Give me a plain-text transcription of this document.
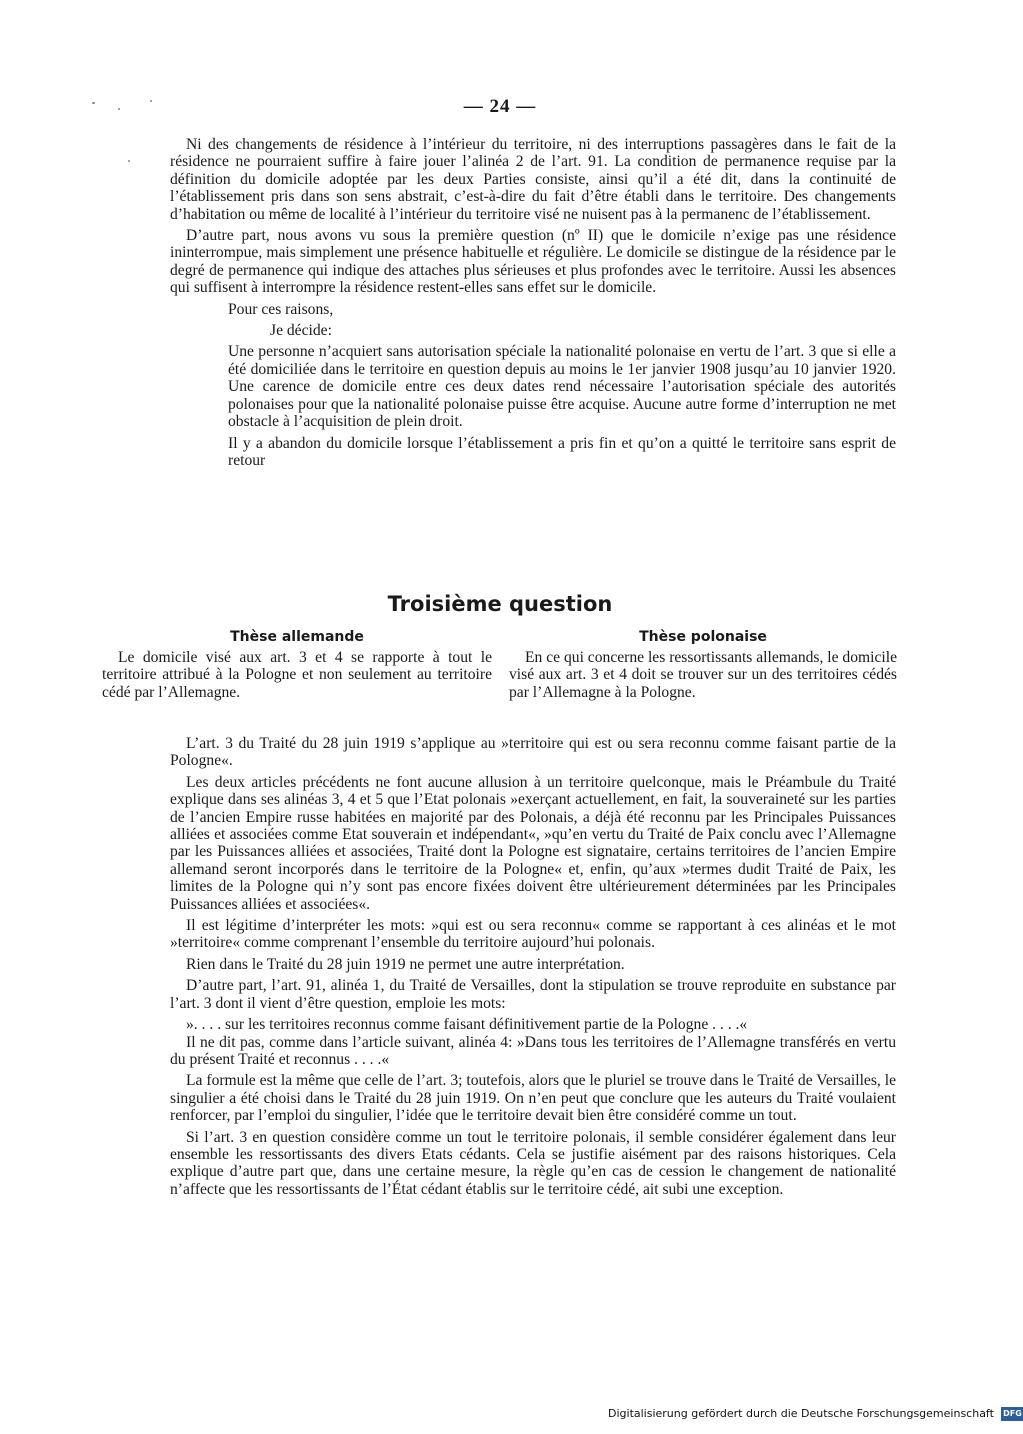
— 24 —

Ni des changements de résidence à l’intérieur du territoire, ni des interruptions passagères dans le fait de la résidence ne pourraient suffire à faire jouer l’alinéa 2 de l’art. 91. La condition de permanence requise par la définition du domicile adoptée par les deux Parties consiste, ainsi qu’il a été dit, dans la continuité de l’établissement pris dans son sens abstrait, c’est-à-dire du fait d’être établi dans le territoire. Des changements d’habitation ou même de localité à l’intérieur du territoire visé ne nuisent pas à la permanenc de l’établissement.

D’autre part, nous avons vu sous la première question (nº II) que le domicile n’exige pas une résidence ininterrompue, mais simplement une présence habituelle et régulière. Le domicile se distingue de la résidence par le degré de permanence qui indique des attaches plus sérieuses et plus profondes avec le territoire. Aussi les absences qui suffisent à interrompre la résidence restent-elles sans effet sur le domicile.

Pour ces raisons,

Je décide:

Une personne n’acquiert sans autorisation spéciale la nationalité polonaise en vertu de l’art. 3 que si elle a été domiciliée dans le territoire en question depuis au moins le 1er janvier 1908 jusqu’au 10 janvier 1920. Une carence de domicile entre ces deux dates rend nécessaire l’autorisation spéciale des autorités polonaises pour que la nationalité polonaise puisse être acquise. Aucune autre forme d’interruption ne met obstacle à l’acquisition de plein droit.

Il y a abandon du domicile lorsque l’établissement a pris fin et qu’on a quitté le territoire sans esprit de retour

Troisième question
Thèse allemande

Le domicile visé aux art. 3 et 4 se rapporte à tout le territoire attribué à la Pologne et non seulement au territoire cédé par l’Allemagne.

Thèse polonaise

En ce qui concerne les ressortissants allemands, le domicile visé aux art. 3 et 4 doit se trouver sur un des territoires cédés par l’Allemagne à la Pologne.

L’art. 3 du Traité du 28 juin 1919 s’applique au »territoire qui est ou sera reconnu comme faisant partie de la Pologne«.

Les deux articles précédents ne font aucune allusion à un territoire quelconque, mais le Préambule du Traité explique dans ses alinéas 3, 4 et 5 que l’Etat polonais »exerçant actuellement, en fait, la souveraineté sur les parties de l’ancien Empire russe habitées en majorité par des Polonais, a déjà été reconnu par les Principales Puissances alliées et associées comme Etat souverain et indépendant«, »qu’en vertu du Traité de Paix conclu avec l’Allemagne par les Puissances alliées et associées, Traité dont la Pologne est signataire, certains territoires de l’ancien Empire allemand seront incorporés dans le territoire de la Pologne« et, enfin, qu’aux »termes dudit Traité de Paix, les limites de la Pologne qui n’y sont pas encore fixées doivent être ultérieurement déterminées par les Principales Puissances alliées et associées«.

Il est légitime d’interpréter les mots: »qui est ou sera reconnu« comme se rapportant à ces alinéas et le mot »territoire« comme comprenant l’ensemble du territoire aujourd’hui polonais.

Rien dans le Traité du 28 juin 1919 ne permet une autre interprétation.

D’autre part, l’art. 91, alinéa 1, du Traité de Versailles, dont la stipulation se trouve reproduite en substance par l’art. 3 dont il vient d’être question, emploie les mots:

». . . . sur les territoires reconnus comme faisant définitivement partie de la Pologne . . . .«

Il ne dit pas, comme dans l’article suivant, alinéa 4: »Dans tous les territoires de l’Allemagne transférés en vertu du présent Traité et reconnus . . . .«

La formule est la même que celle de l’art. 3; toutefois, alors que le pluriel se trouve dans le Traité de Versailles, le singulier a été choisi dans le Traité du 28 juin 1919. On n’en peut que conclure que les auteurs du Traité voulaient renforcer, par l’emploi du singulier, l’idée que le territoire devait bien être considéré comme un tout.

Si l’art. 3 en question considère comme un tout le territoire polonais, il semble considérer également dans leur ensemble les ressortissants des divers Etats cédants. Cela se justifie aisément par des raisons historiques. Cela explique d’autre part que, dans une certaine mesure, la règle qu’en cas de cession le changement de nationalité n’affecte que les ressortissants de l’État cédant établis sur le territoire cédé, ait subi une exception.

Digitalisierung gefördert durch die Deutsche Forschungsgemeinschaft DFG
